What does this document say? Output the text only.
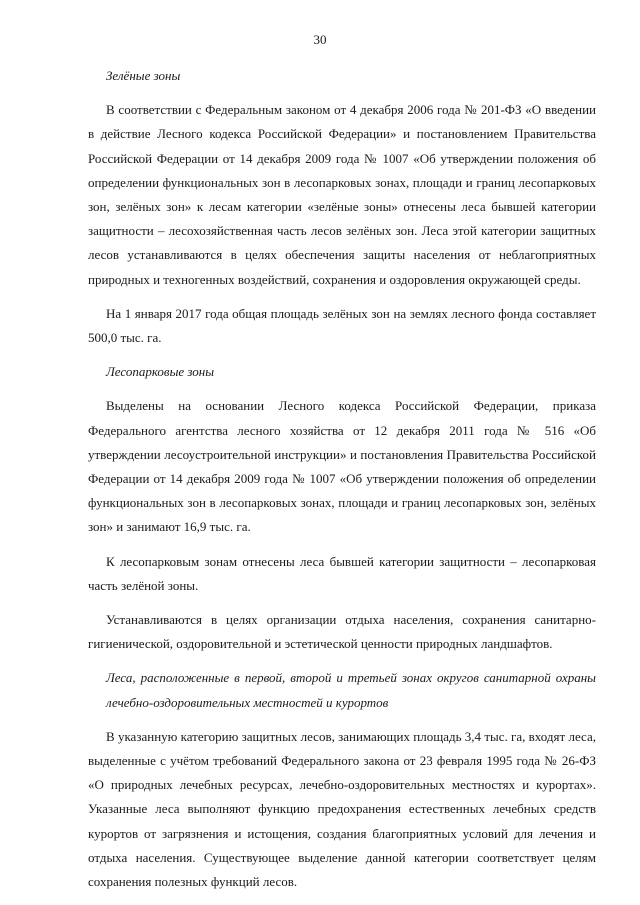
30

Зелёные зоны

В соответствии с Федеральным законом от 4 декабря 2006 года № 201-ФЗ «О введении в действие Лесного кодекса Российской Федерации» и постановлением Правительства Российской Федерации от 14 декабря 2009 года № 1007 «Об утверждении положения об определении функциональных зон в лесопарковых зонах, площади и границ лесопарковых зон, зелёных зон» к лесам категории «зелёные зоны» отнесены леса бывшей категории защитности – лесохозяйственная часть лесов зелёных зон. Леса этой категории защитных лесов устанавливаются в целях обеспечения защиты населения от неблагоприятных природных и техногенных воздействий, сохранения и оздоровления окружающей среды.

На 1 января 2017 года общая площадь зелёных зон на землях лесного фонда составляет 500,0 тыс. га.

Лесопарковые зоны

Выделены на основании Лесного кодекса Российской Федерации, приказа Федерального агентства лесного хозяйства от 12 декабря 2011 года № 516 «Об утверждении лесоустроительной инструкции» и постановления Правительства Российской Федерации от 14 декабря 2009 года № 1007 «Об утверждении положения об определении функциональных зон в лесопарковых зонах, площади и границ лесопарковых зон, зелёных зон» и занимают 16,9 тыс. га.

К лесопарковым зонам отнесены леса бывшей категории защитности – лесопарковая часть зелёной зоны.

Устанавливаются в целях организации отдыха населения, сохранения санитарно-гигиенической, оздоровительной и эстетической ценности природных ландшафтов.

Леса, расположенные в первой, второй и третьей зонах округов санитарной охраны лечебно-оздоровительных местностей и курортов

В указанную категорию защитных лесов, занимающих площадь 3,4 тыс. га, входят леса, выделенные с учётом требований Федерального закона от 23 февраля 1995 года № 26-ФЗ «О природных лечебных ресурсах, лечебно-оздоровительных местностях и курортах». Указанные леса выполняют функцию предохранения естественных лечебных средств курортов от загрязнения и истощения, создания благоприятных условий для лечения и отдыха населения. Существующее выделение данной категории соответствует целям сохранения полезных функций лесов.
